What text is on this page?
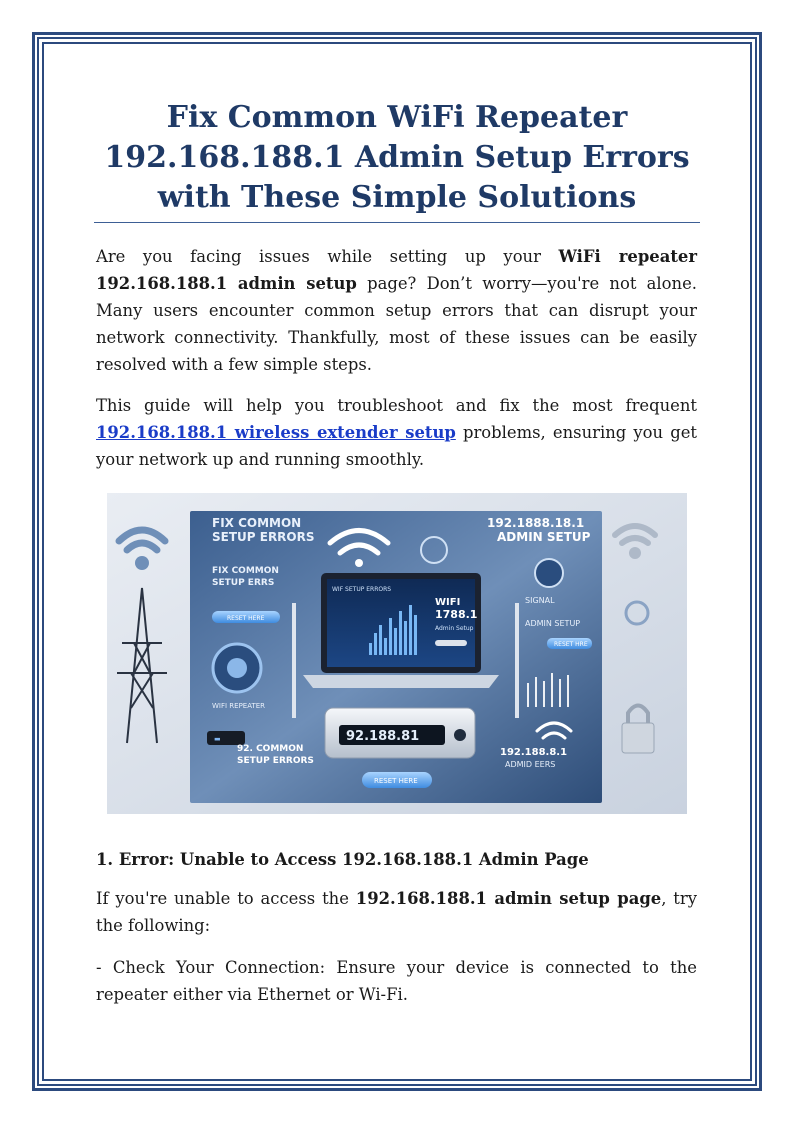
Fix Common WiFi Repeater 192.168.188.1 Admin Setup Errors with These Simple Solutions

Are you facing issues while setting up your WiFi repeater 192.168.188.1 admin setup page? Don’t worry—you're not alone. Many users encounter common setup errors that can disrupt your network connectivity. Thankfully, most of these issues can be easily resolved with a few simple steps.

This guide will help you troubleshoot and fix the most frequent 192.168.188.1 wireless extender setup problems, ensuring you get your network up and running smoothly.

FIX COMMON
SETUP ERRORS
192.1888.18.1
ADMIN SETUP
FIX COMMON
SETUP ERRS
RESET HERE
WIFI REPEATER
WIF SETUP ERRORS
WIFI
1788.1
Admin Setup
SIGNAL
ADMIN SETUP
RESET HRE
92.188.81
▬
92. COMMON
SETUP ERRORS
192.188.8.1
ADMID EERS
RESET HERE

1. Error: Unable to Access 192.168.188.1 Admin Page

If you're unable to access the 192.168.188.1 admin setup page, try the following:

- Check Your Connection: Ensure your device is connected to the repeater either via Ethernet or Wi-Fi.
